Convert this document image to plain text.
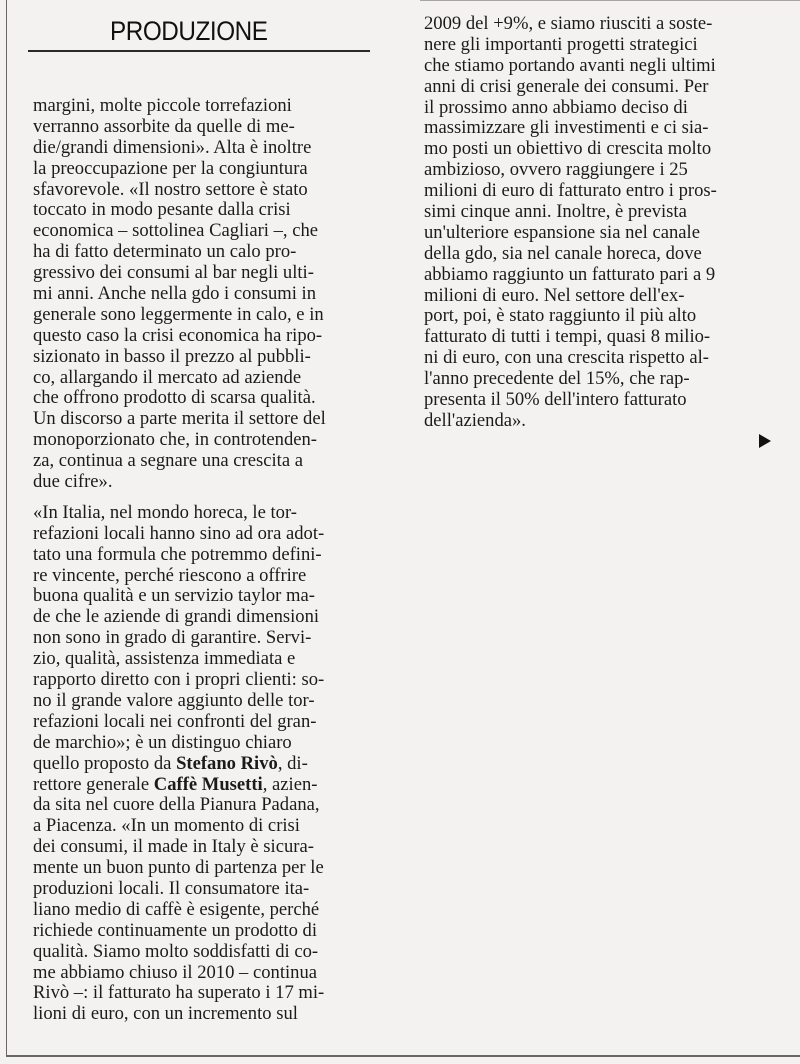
PRODUZIONE
margini, molte piccole torrefazioni
verranno assorbite da quelle di me-
die/grandi dimensioni». Alta è inoltre
la preoccupazione per la congiuntura
sfavorevole. «Il nostro settore è stato
toccato in modo pesante dalla crisi
economica – sottolinea Cagliari –, che
ha di fatto determinato un calo pro-
gressivo dei consumi al bar negli ulti-
mi anni. Anche nella gdo i consumi in
generale sono leggermente in calo, e in
questo caso la crisi economica ha ripo-
sizionato in basso il prezzo al pubbli-
co, allargando il mercato ad aziende
che offrono prodotto di scarsa qualità.
Un discorso a parte merita il settore del
monoporzionato che, in controtenden-
za, continua a segnare una crescita a
due cifre».
«In Italia, nel mondo horeca, le tor-
refazioni locali hanno sino ad ora adot-
tato una formula che potremmo defini-
re vincente, perché riescono a offrire
buona qualità e un servizio taylor ma-
de che le aziende di grandi dimensioni
non sono in grado di garantire. Servi-
zio, qualità, assistenza immediata e
rapporto diretto con i propri clienti: so-
no il grande valore aggiunto delle tor-
refazioni locali nei confronti del gran-
de marchio»; è un distinguo chiaro
quello proposto da Stefano Rivò, di-
rettore generale Caffè Musetti, azien-
da sita nel cuore della Pianura Padana,
a Piacenza. «In un momento di crisi
dei consumi, il made in Italy è sicura-
mente un buon punto di partenza per le
produzioni locali. Il consumatore ita-
liano medio di caffè è esigente, perché
richiede continuamente un prodotto di
qualità. Siamo molto soddisfatti di co-
me abbiamo chiuso il 2010 – continua
Rivò –: il fatturato ha superato i 17 mi-
lioni di euro, con un incremento sul
2009 del +9%, e siamo riusciti a soste-
nere gli importanti progetti strategici
che stiamo portando avanti negli ultimi
anni di crisi generale dei consumi. Per
il prossimo anno abbiamo deciso di
massimizzare gli investimenti e ci sia-
mo posti un obiettivo di crescita molto
ambizioso, ovvero raggiungere i 25
milioni di euro di fatturato entro i pros-
simi cinque anni. Inoltre, è prevista
un'ulteriore espansione sia nel canale
della gdo, sia nel canale horeca, dove
abbiamo raggiunto un fatturato pari a 9
milioni di euro. Nel settore dell'ex-
port, poi, è stato raggiunto il più alto
fatturato di tutti i tempi, quasi 8 milio-
ni di euro, con una crescita rispetto al-
l'anno precedente del 15%, che rap-
presenta il 50% dell'intero fatturato
dell'azienda».
